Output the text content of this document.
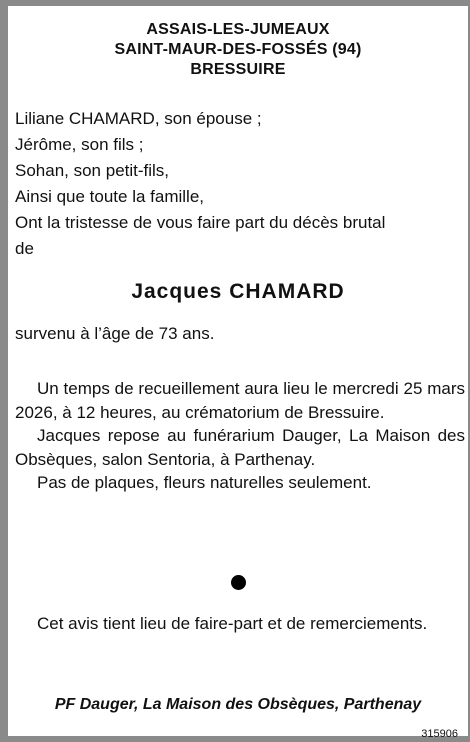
ASSAIS-LES-JUMEAUX
SAINT-MAUR-DES-FOSSÉS (94)
BRESSUIRE
Liliane CHAMARD, son épouse ;
Jérôme, son fils ;
Sohan, son petit-fils,
Ainsi que toute la famille,
Ont la tristesse de vous faire part du décès brutal
de
Jacques CHAMARD
survenu à l’âge de 73 ans.

Un temps de recueillement aura lieu le mercredi 25 mars 2026, à 12 heures, au crématorium de Bressuire.

Jacques repose au funérarium Dauger, La Maison des Obsèques, salon Sentoria, à Parthenay.

Pas de plaques, fleurs naturelles seulement.

Cet avis tient lieu de faire-part et de remerciements.

PF Dauger, La Maison des Obsèques, Parthenay
315906
